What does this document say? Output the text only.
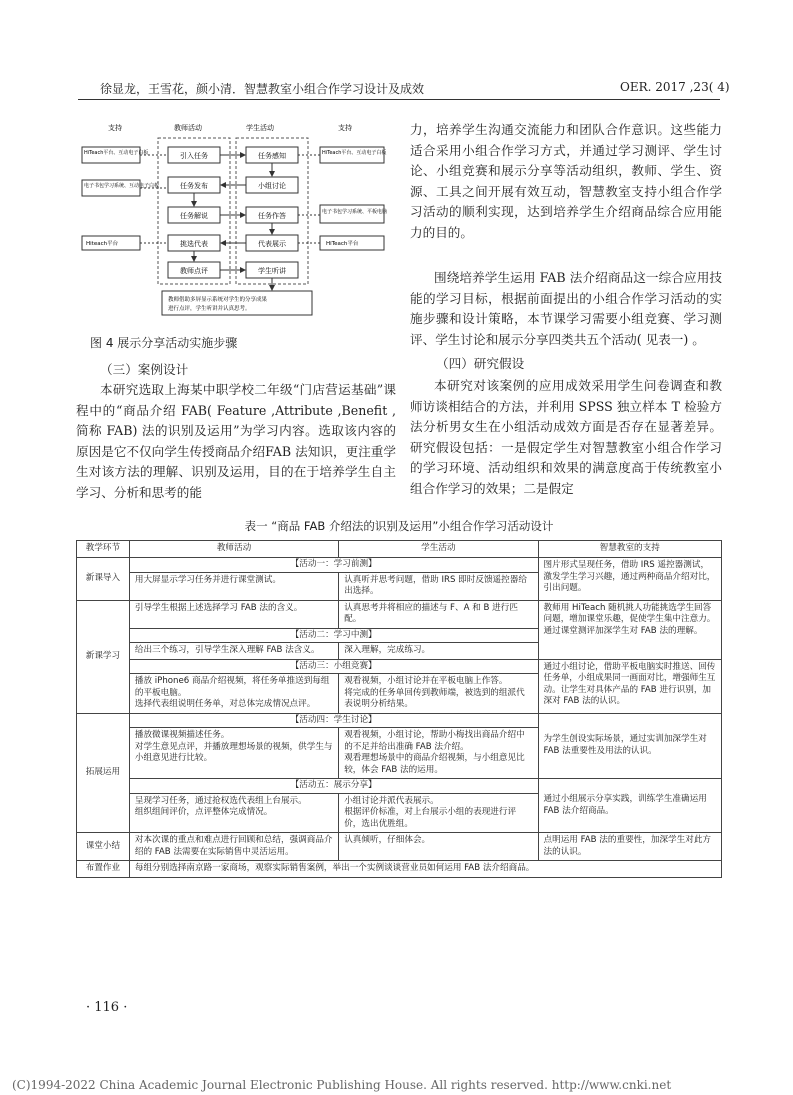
徐显龙，王雪花，颜小清．智慧教室小组合作学习设计及成效	OER. 2017 ,23( 4)
支持	教师活动	学生活动	支持
引入任务
任务发布
任务解说
挑选代表
教师点评
任务感知
小组讨论
任务作答
代表展示
学生听讲
HiTeach平台、互动电子白板
电子书包学习系统、互动电子白板
Hiteach平台
HiTeach平台、互动电子白板
电子书包学习系统、平板电脑
HiTeach平台
教师借助多屏显示系统对学生的分享成果
进行点评，学生听讲并认真思考。
图 4 展示分享活动实施步骤
（三）案例设计
本研究选取上海某中职学校二年级“门店营运基础”课程中的“商品介绍 FAB( Feature ,Attribute ,Benefit ,简称 FAB) 法的识别及运用”为学习内容。选取该内容的原因是它不仅向学生传授商品介绍FAB 法知识，更注重学生对该方法的理解、识别及运用，目的在于培养学生自主学习、分析和思考的能
力，培养学生沟通交流能力和团队合作意识。这些能力适合采用小组合作学习方式，并通过学习测评、学生讨论、小组竞赛和展示分享等活动组织，教师、学生、资源、工具之间开展有效互动，智慧教室支持小组合作学习活动的顺利实现，达到培养学生介绍商品综合应用能力的目的。
围绕培养学生运用 FAB 法介绍商品这一综合应用技能的学习目标，根据前面提出的小组合作学习活动的实施步骤和设计策略，本节课学习需要小组竞赛、学习测评、学生讨论和展示分享四类共五个活动( 见表一) 。
（四）研究假设
本研究对该案例的应用成效采用学生问卷调查和教师访谈相结合的方法，并利用 SPSS 独立样本 T 检验方法分析男女生在小组活动成效方面是否存在显著差异。研究假设包括：一是假定学生对智慧教室小组合作学习的学习环境、活动组织和效果的满意度高于传统教室小组合作学习的效果；二是假定
表一 “商品 FAB 介绍法的识别及运用”小组合作学习活动设计
教学环节	教师活动	学生活动	智慧教室的支持
新课导入	【活动一：学习前测】		图片形式呈现任务，借助 IRS 遥控器测试，激发学生学习兴趣，通过两种商品介绍对比，引出问题。
	用大屏显示学习任务并进行课堂测试。	认真听并思考问题，借助 IRS 即时反馈遥控器给出选择。	
新课学习	引导学生根据上述选择学习 FAB 法的含义。	认真思考并将相应的描述与 F、A 和 B 进行匹配。	教师用 HiTeach 随机挑人功能挑选学生回答问题，增加课堂乐趣，促使学生集中注意力。
通过课堂测评加深学生对 FAB 法的理解。
	【活动二：学习中测】		
	给出三个练习，引导学生深入理解 FAB 法含义。	深入理解，完成练习。	
	【活动三：小组竞赛】		通过小组讨论，借助平板电脑实时推送、回传任务单，小组成果同一画面对比，增强师生互动。让学生对具体产品的 FAB 进行识别，加深对 FAB 法的认识。
	播放 iPhone6 商品介绍视频，将任务单推送到每组的平板电脑。
选择代表组说明任务单，对总体完成情况点评。	观看视频，小组讨论并在平板电脑上作答。
将完成的任务单回传到教师端，被选到的组派代表说明分析结果。	
拓展运用	【活动四：学生讨论】		为学生创设实际场景，通过实训加深学生对 FAB 法重要性及用法的认识。
	播放微课视频描述任务。
对学生意见点评，并播放理想场景的视频，供学生与小组意见进行比较。	观看视频，小组讨论，帮助小梅找出商品介绍中的不足并给出准确 FAB 法介绍。
观看理想场景中的商品介绍视频，与小组意见比较，体会 FAB 法的运用。	
	【活动五：展示分享】		通过小组展示分享实践，训练学生准确运用 FAB 法介绍商品。
	呈现学习任务，通过抢权选代表组上台展示。
组织组间评价，点评整体完成情况。	小组讨论并派代表展示。
根据评价标准，对上台展示小组的表现进行评价，选出优胜组。	
课堂小结	对本次课的重点和难点进行回顾和总结，强调商品介绍的 FAB 法需要在实际销售中灵活运用。	认真倾听，仔细体会。	点明运用 FAB 法的重要性，加深学生对此方法的认识。
布置作业	每组分别选择南京路一家商场，观察实际销售案例，举出一个实例谈谈营业员如何运用 FAB 法介绍商品。		
· 116 ·
(C)1994-2022 China Academic Journal Electronic Publishing House. All rights reserved. http://www.cnki.net
